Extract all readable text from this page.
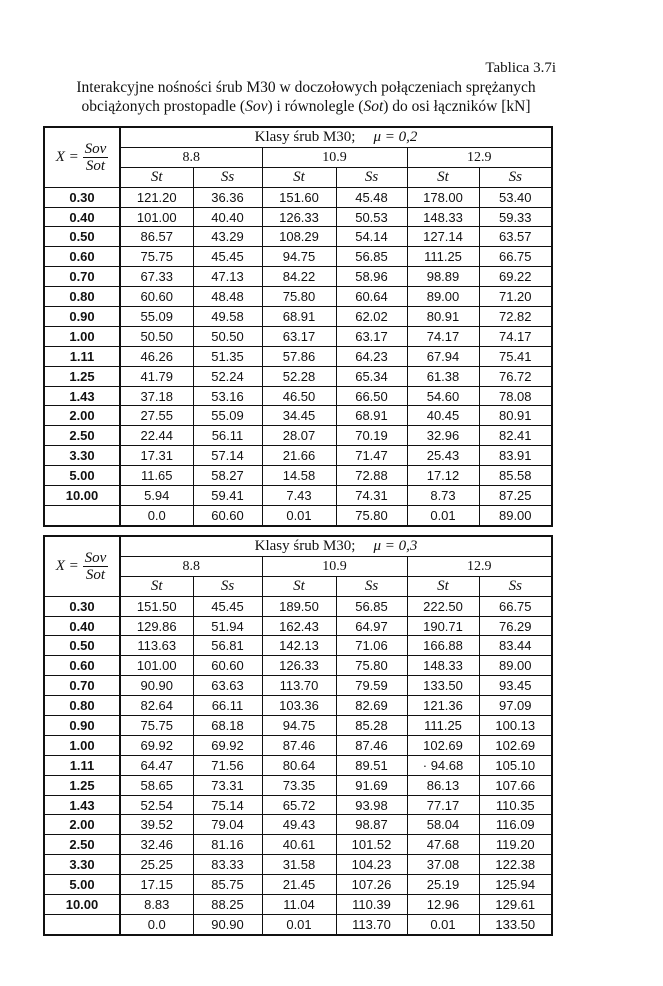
Tablica 3.7i
Interakcyjne nośności śrub M30 w doczołowych połączeniach sprężanych
obciążonych prostopadle (Sov) i równolegle (Sot) do osi łączników [kN]
$X = \frac{\text{Sov}}{\text{Sot}}$	Klasy śrub M30; μ = 0,2					
	8.8		10.9		12.9	
	St	Ss	St	Ss	St	Ss
0.30	121.20	36.36	151.60	45.48	178.00	53.40
0.40	101.00	40.40	126.33	50.53	148.33	59.33
0.50	86.57	43.29	108.29	54.14	127.14	63.57
0.60	75.75	45.45	94.75	56.85	111.25	66.75
0.70	67.33	47.13	84.22	58.96	98.89	69.22
0.80	60.60	48.48	75.80	60.64	89.00	71.20
0.90	55.09	49.58	68.91	62.02	80.91	72.82
1.00	50.50	50.50	63.17	63.17	74.17	74.17
1.11	46.26	51.35	57.86	64.23	67.94	75.41
1.25	41.79	52.24	52.28	65.34	61.38	76.72
1.43	37.18	53.16	46.50	66.50	54.60	78.08
2.00	27.55	55.09	34.45	68.91	40.45	80.91
2.50	22.44	56.11	28.07	70.19	32.96	82.41
3.30	17.31	57.14	21.66	71.47	25.43	83.91
5.00	11.65	58.27	14.58	72.88	17.12	85.58
10.00	5.94	59.41	7.43	74.31	8.73	87.25
	0.0	60.60	0.01	75.80	0.01	89.00
$X = \frac{\text{Sov}}{\text{Sot}}$	Klasy śrub M30; μ = 0,3					
	8.8		10.9		12.9	
	St	Ss	St	Ss	St	Ss
0.30	151.50	45.45	189.50	56.85	222.50	66.75
0.40	129.86	51.94	162.43	64.97	190.71	76.29
0.50	113.63	56.81	142.13	71.06	166.88	83.44
0.60	101.00	60.60	126.33	75.80	148.33	89.00
0.70	90.90	63.63	113.70	79.59	133.50	93.45
0.80	82.64	66.11	103.36	82.69	121.36	97.09
0.90	75.75	68.18	94.75	85.28	111.25	100.13
1.00	69.92	69.92	87.46	87.46	102.69	102.69
1.11	64.47	71.56	80.64	89.51	· 94.68	105.10
1.25	58.65	73.31	73.35	91.69	86.13	107.66
1.43	52.54	75.14	65.72	93.98	77.17	110.35
2.00	39.52	79.04	49.43	98.87	58.04	116.09
2.50	32.46	81.16	40.61	101.52	47.68	119.20
3.30	25.25	83.33	31.58	104.23	37.08	122.38
5.00	17.15	85.75	21.45	107.26	25.19	125.94
10.00	8.83	88.25	11.04	110.39	12.96	129.61
	0.0	90.90	0.01	113.70	0.01	133.50
